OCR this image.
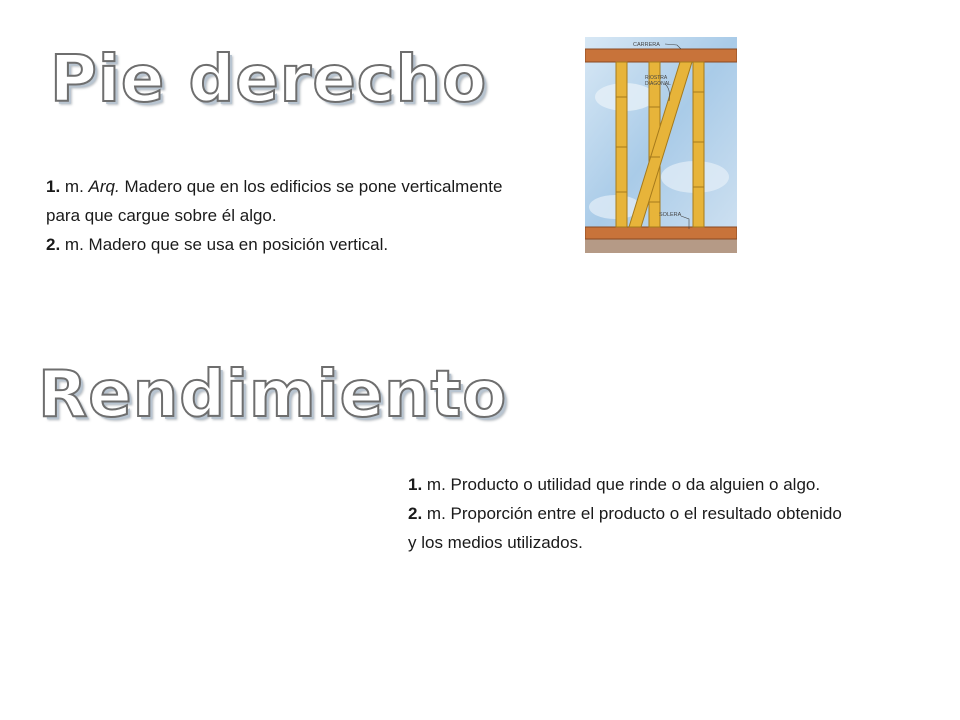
Pie derecho
1. m. Arq. Madero que en los edificios se pone verticalmente para que cargue sobre él algo.
2. m. Madero que se usa en posición vertical.
CARRERA
RIOSTRA DIAGONAL
SOLERA
Rendimiento
1. m. Producto o utilidad que rinde o da alguien o algo.
2. m. Proporción entre el producto o el resultado obtenido y los medios utilizados.
